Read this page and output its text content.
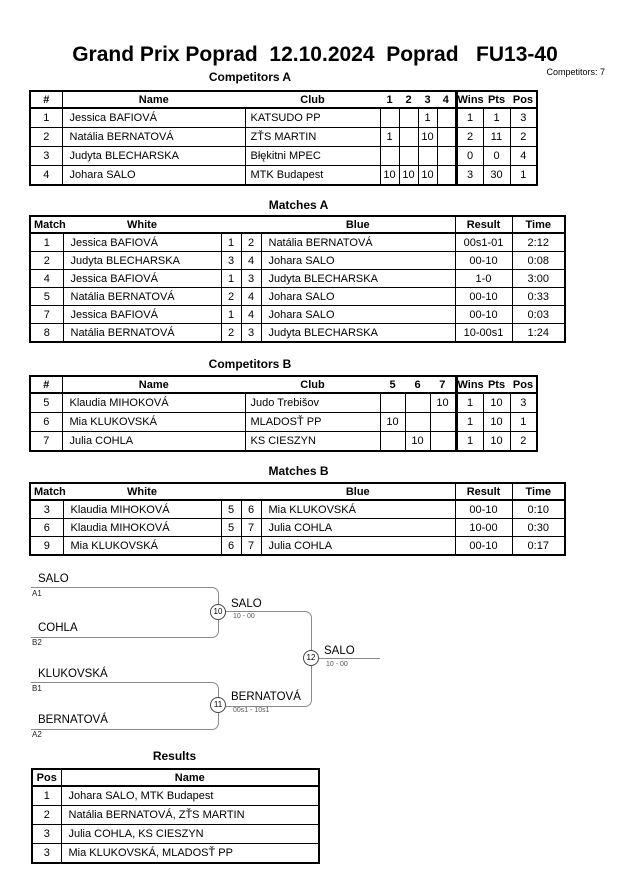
Grand Prix Poprad  12.10.2024  Poprad   FU13-40
Competitors: 7
Competitors A
#	Name	Club	1	2	3	4	Wins	Pts	Pos
1	Jessica BAFIOVÁ	KATSUDO PP			1		1	1	3
2	Natália BERNATOVÁ	ZŤS MARTIN	1		10		2	11	2
3	Judyta BLECHARSKA	Błękitni MPEC					0	0	4
4	Johara SALO	MTK Budapest	10	10	10		3	30	1
Matches A
Match	White			Blue	Result	Time
1	Jessica BAFIOVÁ	1	2	Natália BERNATOVÁ	00s1-01	2:12
2	Judyta BLECHARSKA	3	4	Johara SALO	00-10	0:08
4	Jessica BAFIOVÁ	1	3	Judyta BLECHARSKA	1-0	3:00
5	Natália BERNATOVÁ	2	4	Johara SALO	00-10	0:33
7	Jessica BAFIOVÁ	1	4	Johara SALO	00-10	0:03
8	Natália BERNATOVÁ	2	3	Judyta BLECHARSKA	10-00s1	1:24
Competitors B
#	Name	Club	5	6	7	Wins	Pts	Pos
5	Klaudia MIHOKOVÁ	Judo Trebišov			10	1	10	3
6	Mia KLUKOVSKÁ	MLADOSŤ PP	10			1	10	1
7	Julia COHLA	KS CIESZYN		10		1	10	2
Matches B
Match	White			Blue	Result	Time
3	Klaudia MIHOKOVÁ	5	6	Mia KLUKOVSKÁ	00-10	0:10
6	Klaudia MIHOKOVÁ	5	7	Julia COHLA	10-00	0:30
9	Mia KLUKOVSKÁ	6	7	Julia COHLA	00-10	0:17
SALO
A1
COHLA
B2
KLUKOVSKÁ
B1
BERNATOVÁ
A2
10
11
12
SALO
10 - 00
BERNATOVÁ
00s1 - 10s1
SALO
10 - 00
Results
Pos	Name
1	Johara SALO, MTK Budapest
2	Natália BERNATOVÁ, ZŤS MARTIN
3	Julia COHLA, KS CIESZYN
3	Mia KLUKOVSKÁ, MLADOSŤ PP
